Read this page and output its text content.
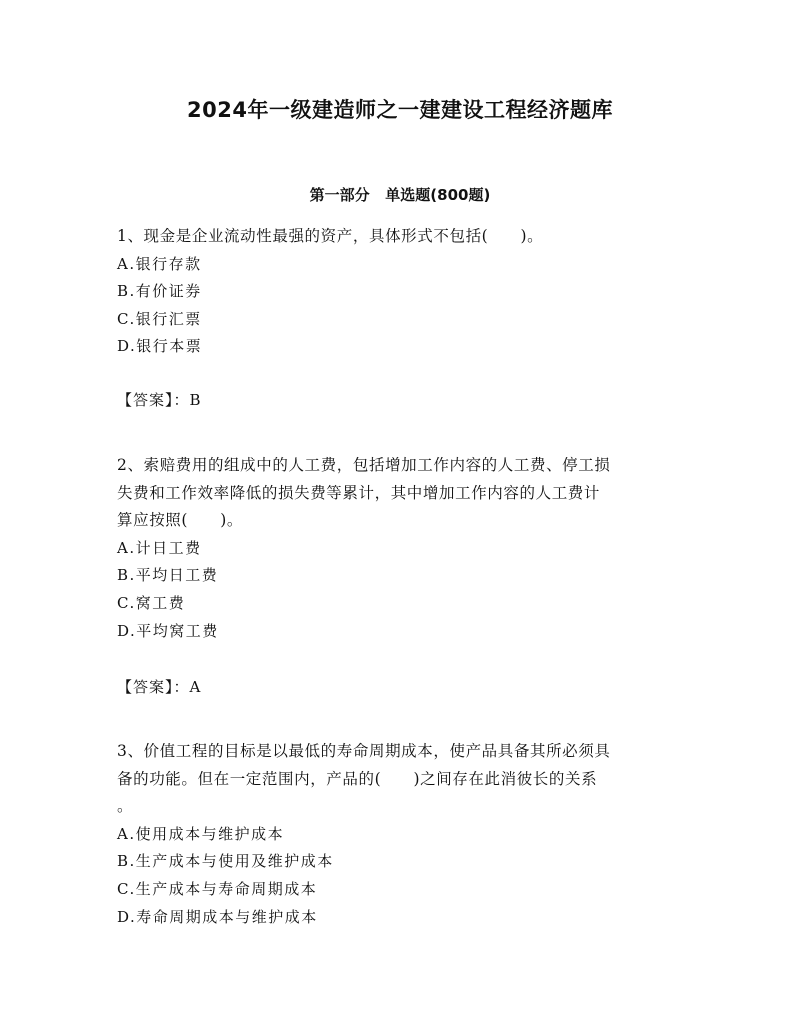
2024年一级建造师之一建建设工程经济题库
第一部分   单选题(800题)

1、现金是企业流动性最强的资产，具体形式不包括(　　)。

A.银行存款
B.有价证券
C.银行汇票
D.银行本票
【答案】：B

2、索赔费用的组成中的人工费，包括增加工作内容的人工费、停工损
失费和工作效率降低的损失费等累计，其中增加工作内容的人工费计
算应按照(　　)。

A.计日工费
B.平均日工费
C.窝工费
D.平均窝工费
【答案】：A

3、价值工程的目标是以最低的寿命周期成本，使产品具备其所必须具
备的功能。但在一定范围内，产品的(　　)之间存在此消彼长的关系
。

A.使用成本与维护成本
B.生产成本与使用及维护成本
C.生产成本与寿命周期成本
D.寿命周期成本与维护成本
